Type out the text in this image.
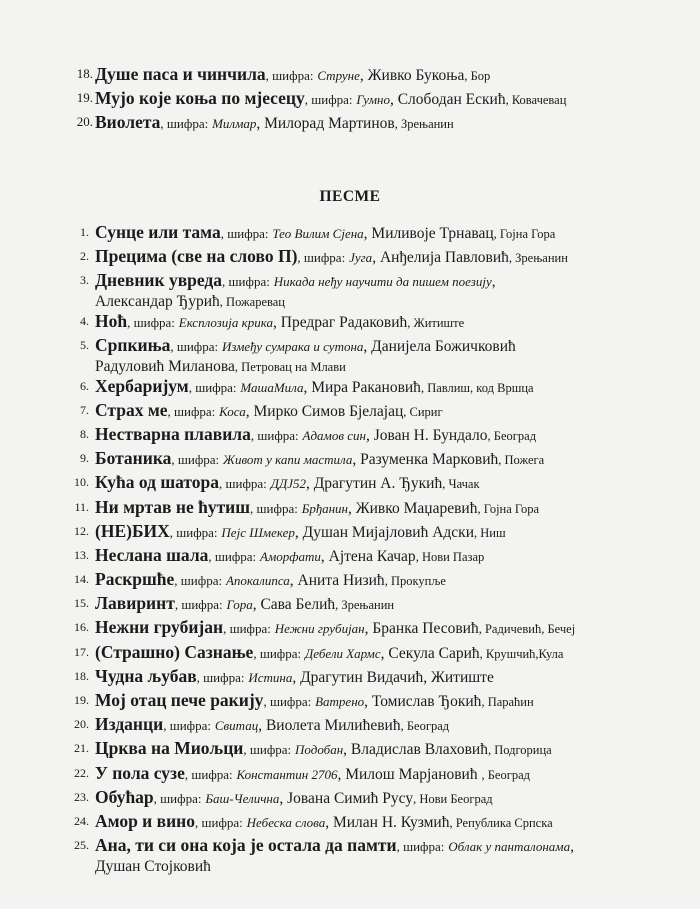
18. Душе паса и чинчила, шифра: Струне, Живко Букоња, Бор
19. Мујо које коња по мјесецу, шифра: Гумно, Слободан Ескић, Ковачевац
20. Виолета, шифра: Милмар, Милорад Мартинов, Зрењанин
ПЕСМЕ
1. Сунце или тама, шифра: Тео Вилим Сјена, Миливоје Трнавац, Гојна Гора
2. Прецима (све на слово П), шифра: Југа, Анђелија Павловић, Зрењанин
3. Дневник увреда, шифра: Никада неђу научити да пишем поезију,
Александар Ђурић, Пожаревац
4. Ноћ, шифра: Експлозија крика, Предраг Радаковић, Житиште
5. Српкиња, шифра: Између сумрака и сутона, Данијела Божичковић
Радуловић Миланова, Петровац на Млави
6. Хербаријум, шифра: МашаМила, Мира Ракановић, Павлиш, код Вршца
7. Страх ме, шифра: Коса, Мирко Симов Бјелајац, Сириг
8. Нестварна плавила, шифра: Адамов син, Јован Н. Бундало, Београд
9. Ботаника, шифра: Живот у капи мастила, Разуменка Марковић, Пожега
10. Кућа од шатора, шифра: ДДЈ52, Драгутин А. Ђукић, Чачак
11. Ни мртав не ћутиш, шифра: Брђанин, Живко Маџаревић, Гојна Гора
12. (НЕ)БИХ, шифра: Пејс Шмекер, Душан Мијајловић Адски, Ниш
13. Неслана шала, шифра: Аморфати, Ајтена Качар, Нови Пазар
14. Раскршће, шифра: Апокалипса, Анита Низић, Прокупље
15. Лавиринт, шифра: Гора, Сава Белић, Зрењанин
16. Нежни грубијан, шифра: Нежни грубијан, Бранка Песовић, Радичевић, Бечеј
17. (Страшно) Сазнање, шифра: Дебели Хармс, Секула Сарић, Крушчић,Кула
18. Чудна љубав, шифра: Истина, Драгутин Видачић, Житиште
19. Мој отац пече ракију, шифра: Ватрено, Томислав Ђокић, Параћин
20. Изданци, шифра: Свитац, Виолета Милићевић, Београд
21. Црква на Миољци, шифра: Подобан, Владислав Влаховић, Подгорица
22. У пола сузе, шифра: Константин 2706, Милош Марјановић , Београд
23. Обућар, шифра: Баш-Челична, Јована Симић Русу, Нови Београд
24. Амор и вино, шифра: Небеска слова, Милан Н. Кузмић, Република Српска
25. Ана, ти си она која је остала да памти, шифра: Облак у панталонама,
Душан Стојковић
